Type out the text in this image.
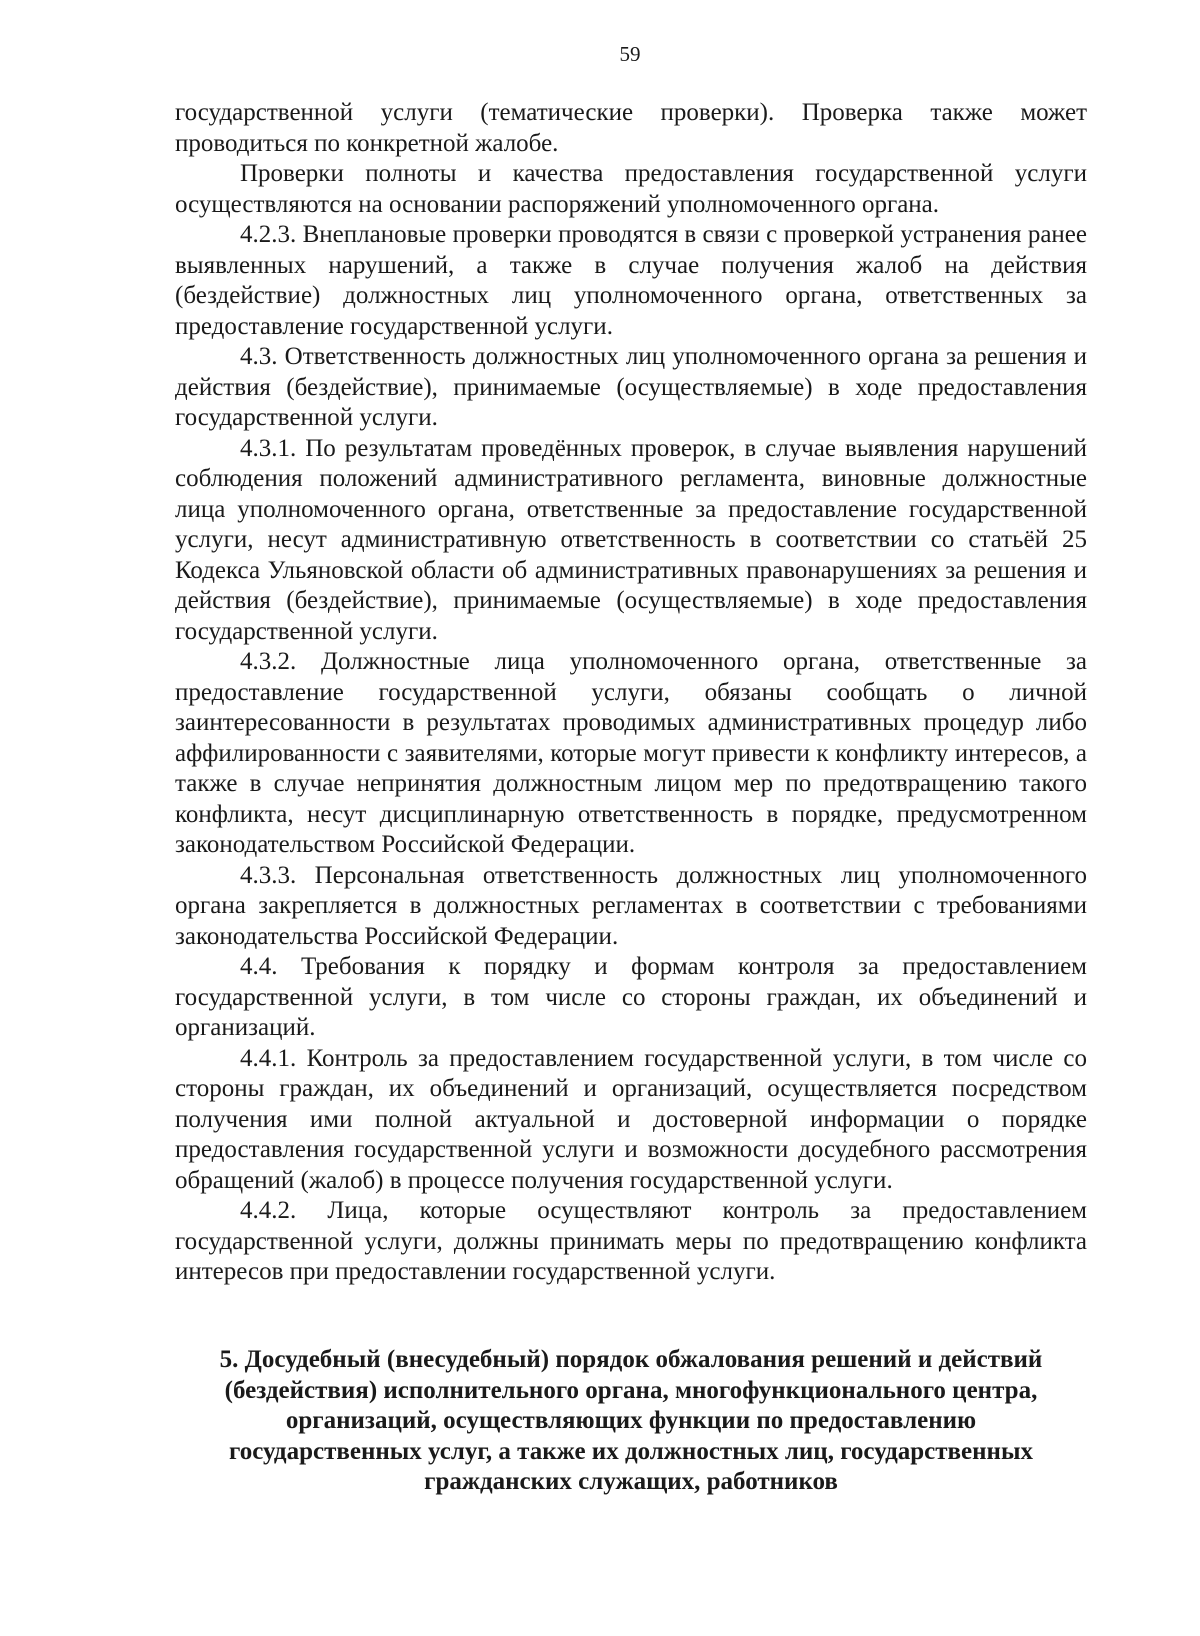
59

государственной услуги (тематические проверки). Проверка также может проводиться по конкретной жалобе.

Проверки полноты и качества предоставления государственной услуги осуществляются на основании распоряжений уполномоченного органа.

4.2.3. Внеплановые проверки проводятся в связи с проверкой устранения ранее выявленных нарушений, а также в случае получения жалоб на действия (бездействие) должностных лиц уполномоченного органа, ответственных за предоставление государственной услуги.

4.3. Ответственность должностных лиц уполномоченного органа за решения и действия (бездействие), принимаемые (осуществляемые) в ходе предоставления государственной услуги.

4.3.1. По результатам проведённых проверок, в случае выявления нарушений соблюдения положений административного регламента, виновные должностные лица уполномоченного органа, ответственные за предоставление государственной услуги, несут административную ответственность в соответствии со статьёй 25 Кодекса Ульяновской области об административных правонарушениях за решения и действия (бездействие), принимаемые (осуществляемые) в ходе предоставления государственной услуги.

4.3.2. Должностные лица уполномоченного органа, ответственные за предоставление государственной услуги, обязаны сообщать о личной заинтересованности в результатах проводимых административных процедур либо аффилированности с заявителями, которые могут привести к конфликту интересов, а также в случае непринятия должностным лицом мер по предотвращению такого конфликта, несут дисциплинарную ответственность в порядке, предусмотренном законодательством Российской Федерации.

4.3.3. Персональная ответственность должностных лиц уполномоченного органа закрепляется в должностных регламентах в соответствии с требованиями законодательства Российской Федерации.

4.4. Требования к порядку и формам контроля за предоставлением государственной услуги, в том числе со стороны граждан, их объединений и организаций.

4.4.1. Контроль за предоставлением государственной услуги, в том числе со стороны граждан, их объединений и организаций, осуществляется посредством получения ими полной актуальной и достоверной информации о порядке предоставления государственной услуги и возможности досудебного рассмотрения обращений (жалоб) в процессе получения государственной услуги.

4.4.2. Лица, которые осуществляют контроль за предоставлением государственной услуги, должны принимать меры по предотвращению конфликта интересов при предоставлении государственной услуги.

5. Досудебный (внесудебный) порядок обжалования решений и действий

(бездействия) исполнительного органа, многофункционального центра,

организаций, осуществляющих функции по предоставлению

государственных услуг, а также их должностных лиц, государственных

гражданских служащих, работников
